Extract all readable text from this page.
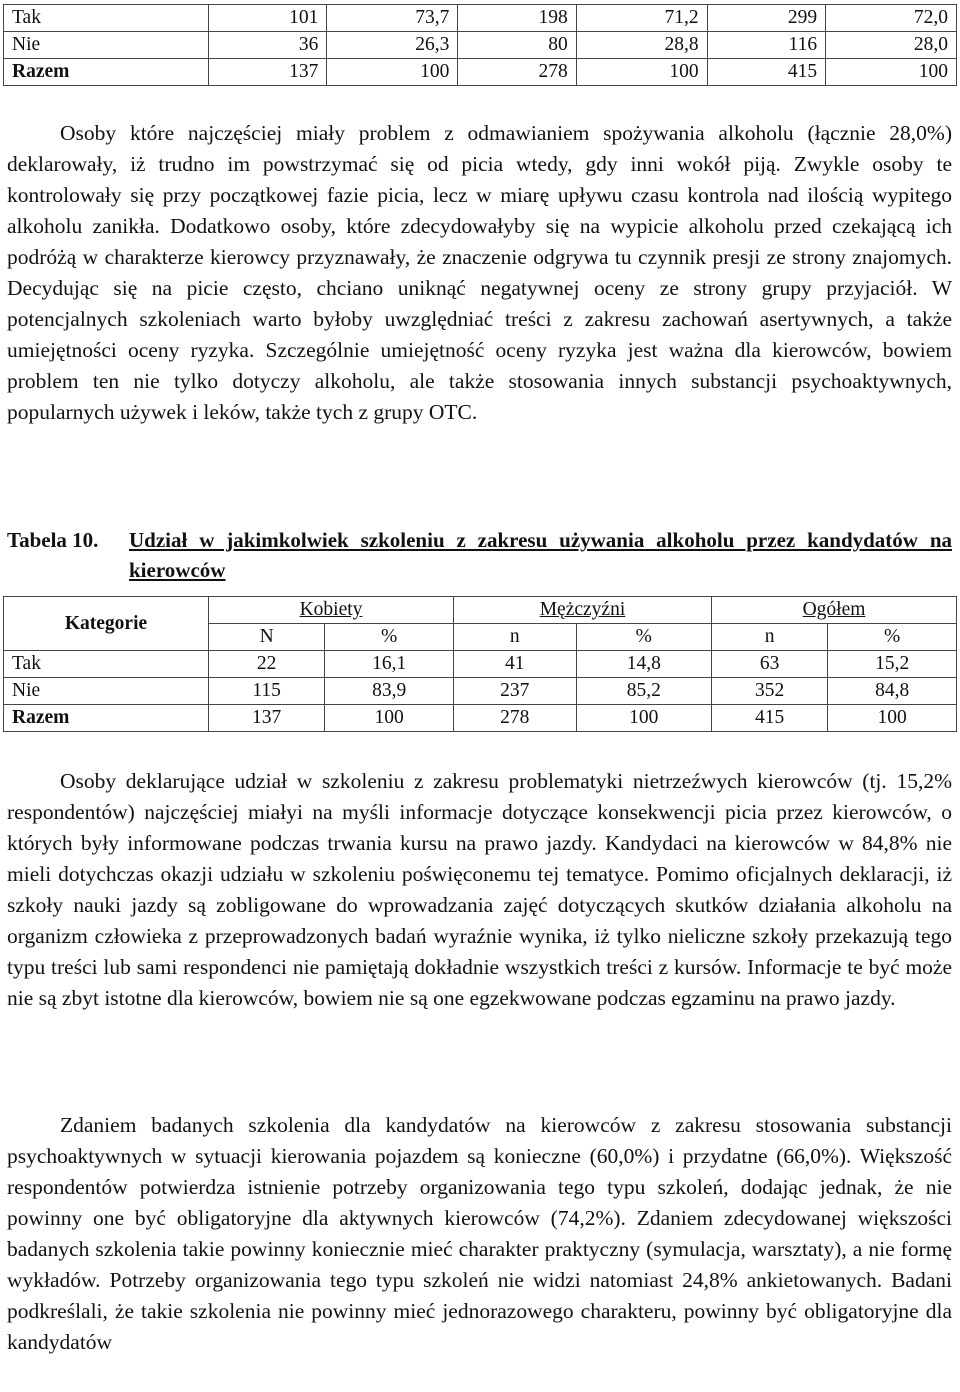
Tak	101	73,7	198	71,2	299	72,0
Nie	36	26,3	80	28,8	116	28,0
Razem	137	100	278	100	415	100

Osoby które najczęściej miały problem z odmawianiem spożywania alkoholu (łącznie 28,0%) deklarowały, iż trudno im powstrzymać się od picia wtedy, gdy inni wokół piją. Zwykle osoby te kontrolowały się przy początkowej fazie picia, lecz w miarę upływu czasu kontrola nad ilością wypitego alkoholu zanikła. Dodatkowo osoby, które zdecydowałyby się na wypicie alkoholu przed czekającą ich podróżą w charakterze kierowcy przyznawały, że znaczenie odgrywa tu czynnik presji ze strony znajomych. Decydując się na picie często, chciano uniknąć negatywnej oceny ze strony grupy przyjaciół. W potencjalnych szkoleniach warto byłoby uwzględniać treści z zakresu zachowań asertywnych, a także umiejętności oceny ryzyka. Szczególnie umiejętność oceny ryzyka jest ważna dla kierowców, bowiem problem ten nie tylko dotyczy alkoholu, ale także stosowania innych substancji psychoaktywnych, popularnych używek i leków, także tych z grupy OTC.

Tabela 10. Udział w jakimkolwiek szkoleniu z zakresu używania alkoholu przez kandydatów na kierowców
Kategorie	Kobiety		Mężczyźni		Ogółem	
	N	%	n	%	n	%
Tak	22	16,1	41	14,8	63	15,2
Nie	115	83,9	237	85,2	352	84,8
Razem	137	100	278	100	415	100

Osoby deklarujące udział w szkoleniu z zakresu problematyki nietrzeźwych kierowców (tj. 15,2% respondentów) najczęściej miałyi na myśli informacje dotyczące konsekwencji picia przez kierowców, o których były informowane podczas trwania kursu na prawo jazdy. Kandydaci na kierowców w 84,8% nie mieli dotychczas okazji udziału w szkoleniu poświęconemu tej tematyce. Pomimo oficjalnych deklaracji, iż szkoły nauki jazdy są zobligowane do wprowadzania zajęć dotyczących skutków działania alkoholu na organizm człowieka z przeprowadzonych badań wyraźnie wynika, iż tylko nieliczne szkoły przekazują tego typu treści lub sami respondenci nie pamiętają dokładnie wszystkich treści z kursów. Informacje te być może nie są zbyt istotne dla kierowców, bowiem nie są one egzekwowane podczas egzaminu na prawo jazdy.

Zdaniem badanych szkolenia dla kandydatów na kierowców z zakresu stosowania substancji psychoaktywnych w sytuacji kierowania pojazdem są konieczne (60,0%) i przydatne (66,0%). Większość respondentów potwierdza istnienie potrzeby organizowania tego typu szkoleń, dodając jednak, że nie powinny one być obligatoryjne dla aktywnych kierowców (74,2%). Zdaniem zdecydowanej większości badanych szkolenia takie powinny koniecznie mieć charakter praktyczny (symulacja, warsztaty), a nie formę wykładów. Potrzeby organizowania tego typu szkoleń nie widzi natomiast 24,8% ankietowanych. Badani podkreślali, że takie szkolenia nie powinny mieć jednorazowego charakteru, powinny być obligatoryjne dla kandydatów
